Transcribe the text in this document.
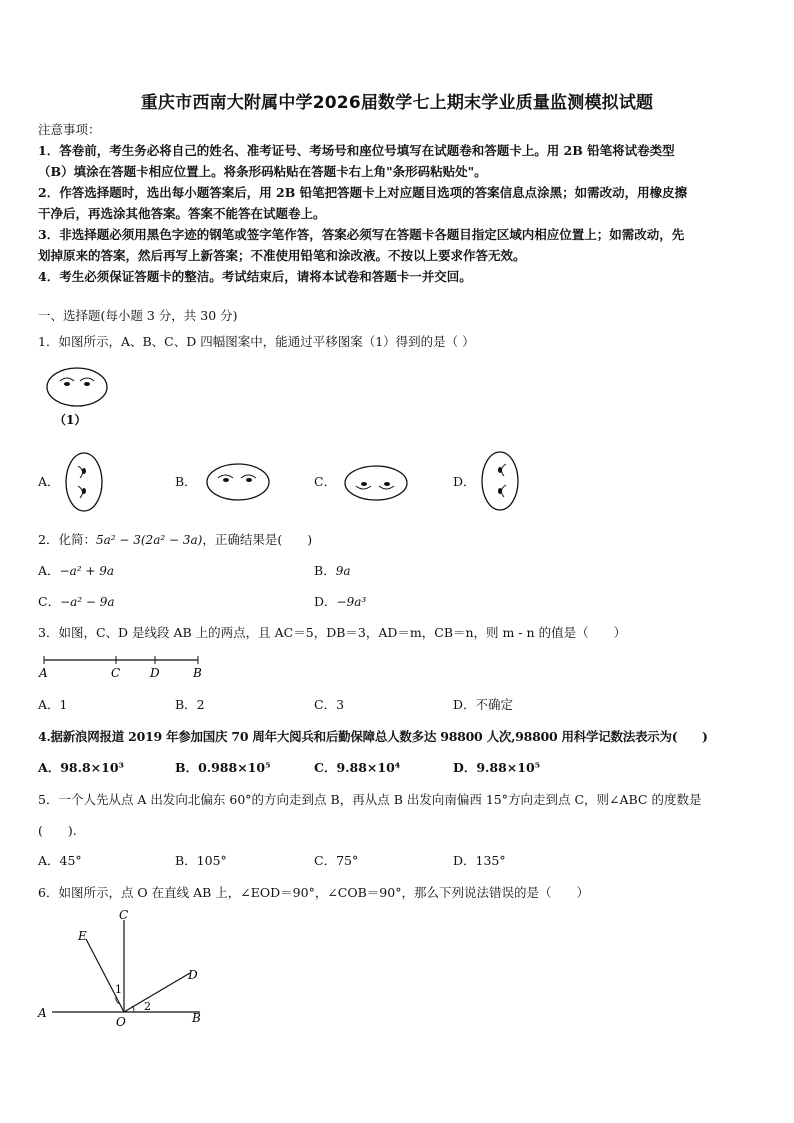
重庆市西南大附属中学2026届数学七上期末学业质量监测模拟试题
注意事项：
1．答卷前，考生务必将自己的姓名、准考证号、考场号和座位号填写在试题卷和答题卡上。用 2B 铅笔将试卷类型
（B）填涂在答题卡相应位置上。将条形码粘贴在答题卡右上角"条形码粘贴处"。
2．作答选择题时，选出每小题答案后，用 2B 铅笔把答题卡上对应题目选项的答案信息点涂黑；如需改动，用橡皮擦
干净后，再选涂其他答案。答案不能答在试题卷上。
3．非选择题必须用黑色字迹的钢笔或签字笔作答，答案必须写在答题卡各题目指定区域内相应位置上；如需改动，先
划掉原来的答案，然后再写上新答案；不准使用铅笔和涂改液。不按以上要求作答无效。
4．考生必须保证答题卡的整洁。考试结束后，请将本试卷和答题卡一并交回。
一、选择题(每小题 3 分，共 30 分)
1．如图所示，A、B、C、D 四幅图案中，能通过平移图案（1）得到的是（ ）
（1）
A．	B．	C．	D．
2．化简：5a² − 3(2a² − 3a)，正确结果是(　　)
A．−a² + 9a	B．9a
C．−a² − 9a	D．−9a³
3．如图，C、D 是线段 AB 上的两点，且 AC＝5，DB＝3，AD＝m，CB＝n，则 m - n 的值是（　　）
A	C D	B
A．1	B．2	C．3	D．不确定
4.据新浪网报道 2019 年参加国庆 70 周年大阅兵和后勤保障总人数多达 98800 人次,98800 用科学记数法表示为(　　)
A．98.8×10³	B．0.988×10⁵	C．9.88×10⁴	D．9.88×10⁵
5．一个人先从点 A 出发向北偏东 60°的方向走到点 B，再从点 B 出发向南偏西 15°方向走到点 C，则∠ABC 的度数是
(　　).
A．45°	B．105°	C．75°	D．135°
6．如图所示，点 O 在直线 AB 上，∠EOD＝90°，∠COB＝90°，那么下列说法错误的是（　　）
C
E
D
A
O	B
1
2
